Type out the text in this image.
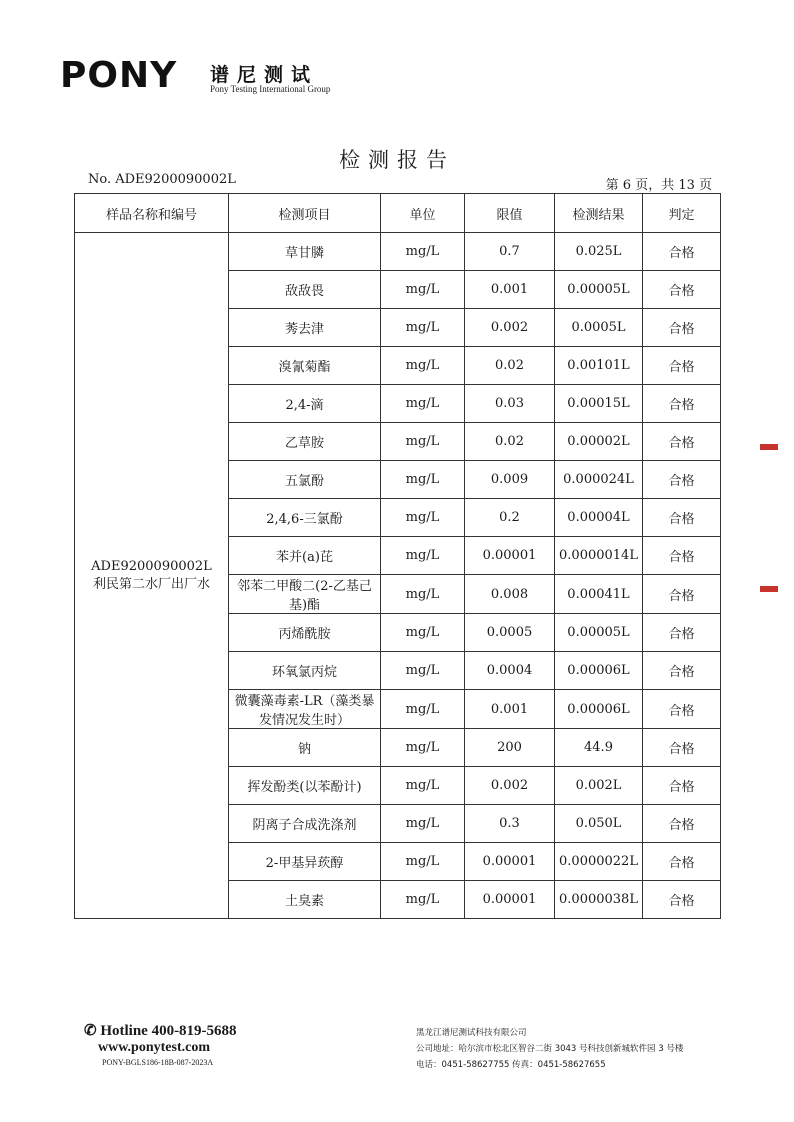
PONY 谱尼测试
Pony Testing International Group
检测报告
No. ADE9200090002L	第 6 页，共 13 页
样品名称和编号	检测项目	单位	限值	检测结果	判定

ADE9200090002L
利民第二水厂出厂水	草甘膦	mg/L	0.7	0.025L	合格
	敌敌畏	mg/L	0.001	0.00005L	合格
	莠去津	mg/L	0.002	0.0005L	合格
	溴氰菊酯	mg/L	0.02	0.00101L	合格
	2,4-滴	mg/L	0.03	0.00015L	合格
	乙草胺	mg/L	0.02	0.00002L	合格
	五氯酚	mg/L	0.009	0.000024L	合格
	2,4,6-三氯酚	mg/L	0.2	0.00004L	合格
	苯并(a)芘	mg/L	0.00001	0.0000014L	合格
	邻苯二甲酸二(2-乙基己基)酯	mg/L	0.008	0.00041L	合格
	丙烯酰胺	mg/L	0.0005	0.00005L	合格
	环氧氯丙烷	mg/L	0.0004	0.00006L	合格
	微囊藻毒素-LR（藻类暴发情况发生时）	mg/L	0.001	0.00006L	合格
	钠	mg/L	200	44.9	合格
	挥发酚类(以苯酚计)	mg/L	0.002	0.002L	合格
	阴离子合成洗涤剂	mg/L	0.3	0.050L	合格
	2-甲基异莰醇	mg/L	0.00001	0.0000022L	合格
	土臭素	mg/L	0.00001	0.0000038L	合格
✆ Hotline 400-819-5688
www.ponytest.com
PONY-BGLS186-18B-087-2023A
黑龙江谱尼测试科技有限公司
公司地址：哈尔滨市松北区智谷二街 3043 号科技创新城软件园 3 号楼
电话：0451-58627755 传真：0451-58627655
